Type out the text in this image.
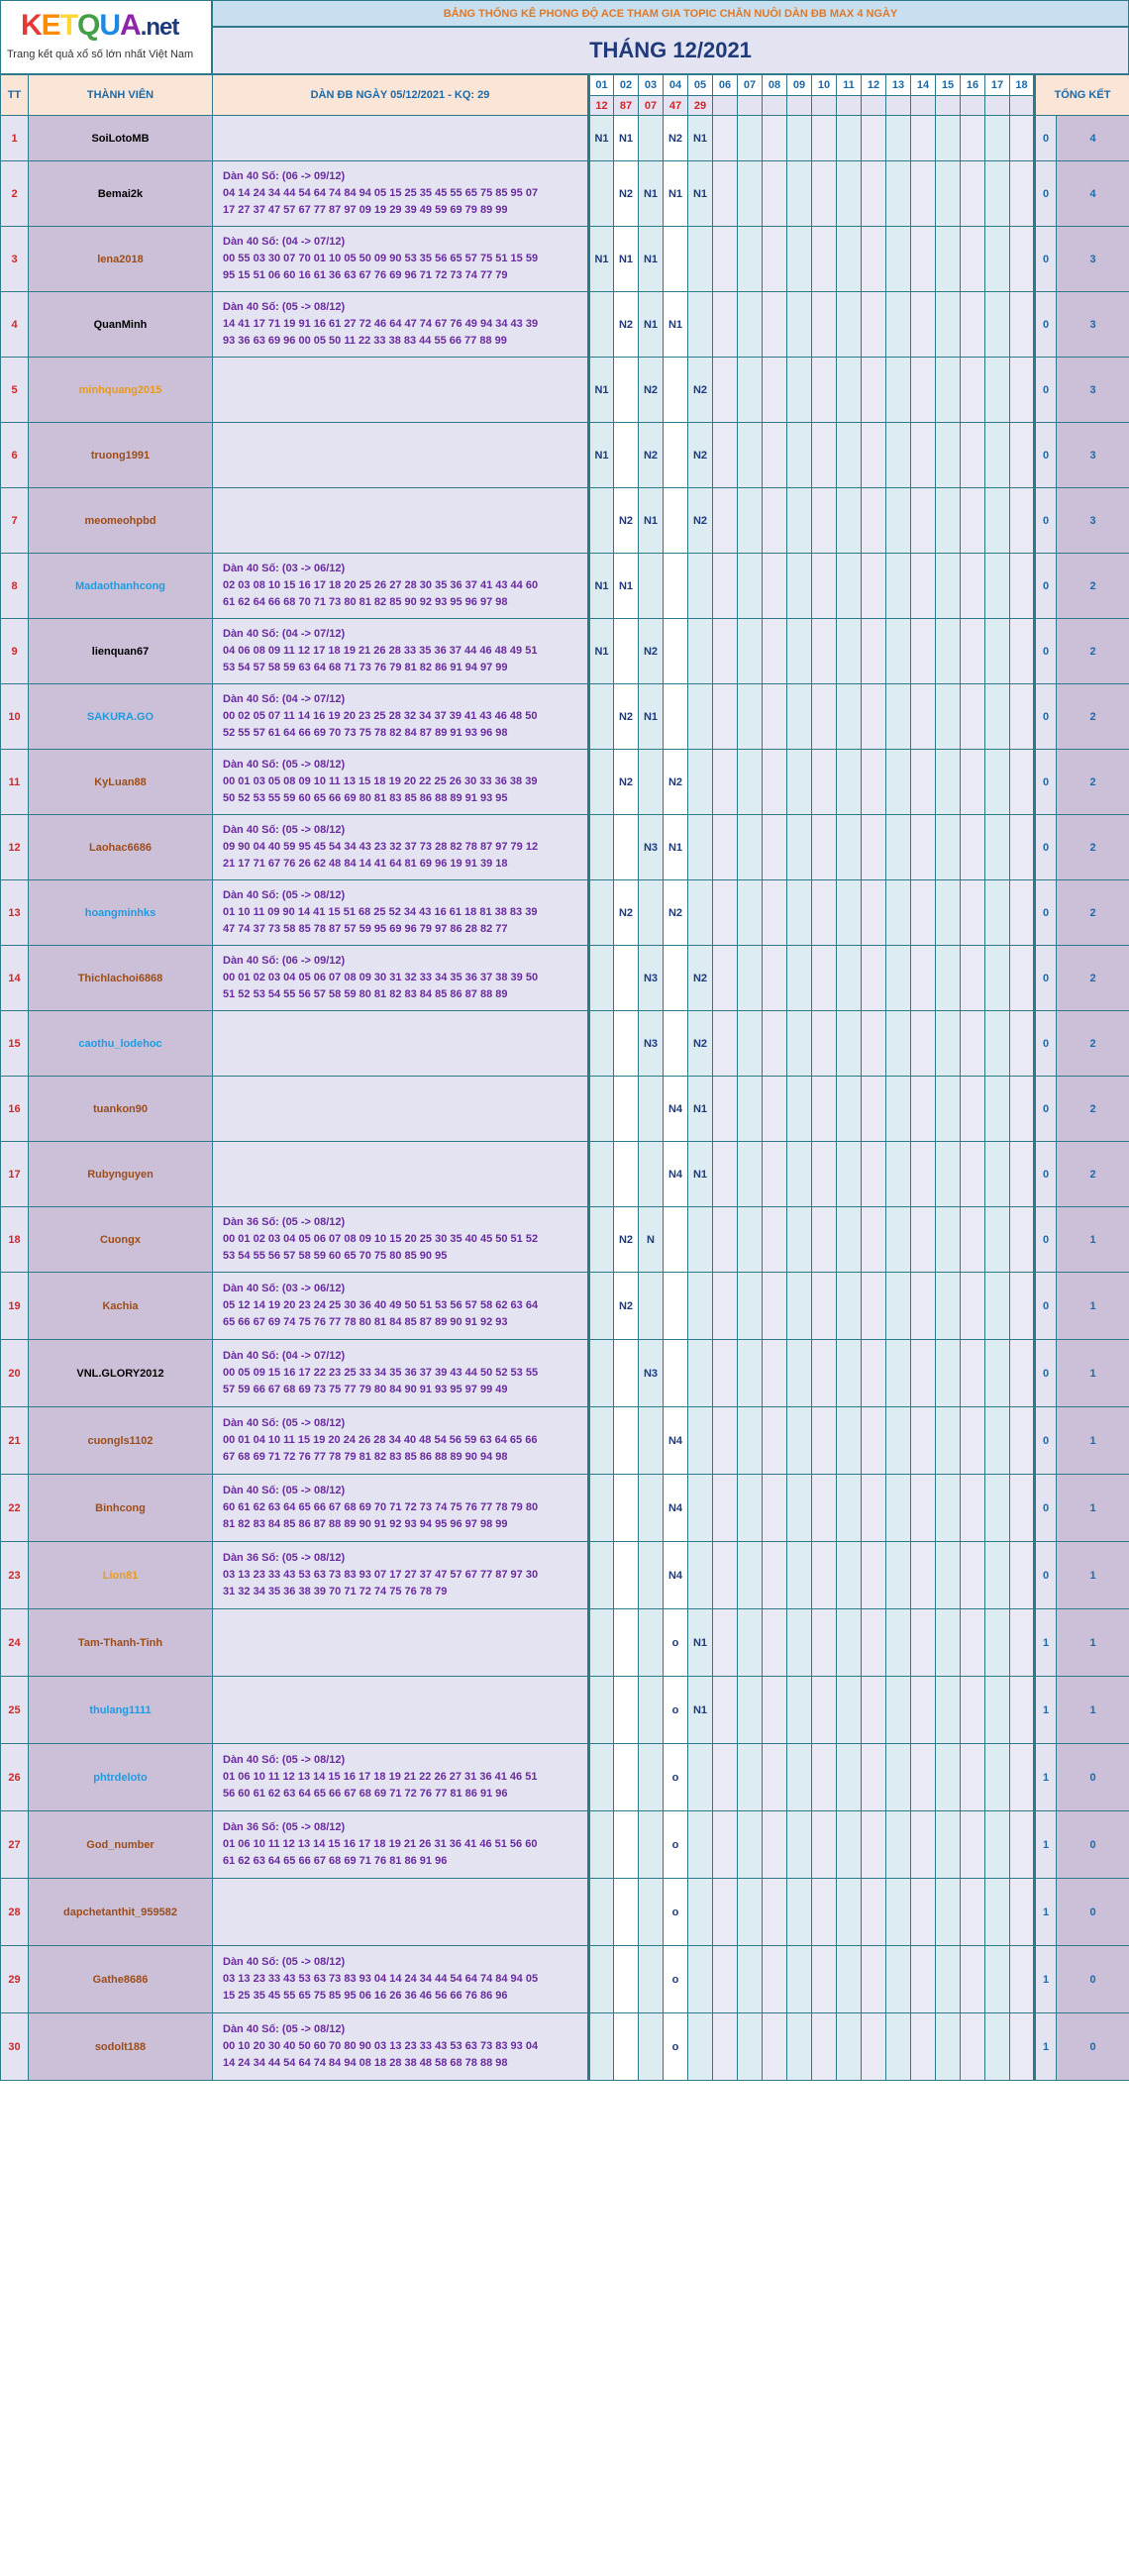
KETQUA.net
Trang kết quả xổ số lớn nhất Việt Nam
BẢNG THỐNG KÊ PHONG ĐỘ ACE THAM GIA TOPIC CHĂN NUÔI DÀN ĐB MAX 4 NGÀY
THÁNG 12/2021
TT	THÀNH VIÊN	DÀN ĐB NGÀY 05/12/2021 - KQ: 29	01	02	03	04	05	06	07	08	09	10	11	12	13	14	15	16	17	18	TỔNG KẾT	
			12	87	07	47	29															
1	SoiLotoMB		N1	N1		N2	N1														0	4
2	Bemai2k	Dàn 40 Số: (06 -> 09/12)
04 14 24 34 44 54 64 74 84 94 05 15 25 35 45 55 65 75 85 95 07
17 27 37 47 57 67 77 87 97 09 19 29 39 49 59 69 79 89 99		N2	N1	N1	N1														0	4
3	lena2018	Dàn 40 Số: (04 -> 07/12)
00 55 03 30 07 70 01 10 05 50 09 90 53 35 56 65 57 75 51 15 59
95 15 51 06 60 16 61 36 63 67 76 69 96 71 72 73 74 77 79	N1	N1	N1																0	3
4	QuanMinh	Dàn 40 Số: (05 -> 08/12)
14 41 17 71 19 91 16 61 27 72 46 64 47 74 67 76 49 94 34 43 39
93 36 63 69 96 00 05 50 11 22 33 38 83 44 55 66 77 88 99		N2	N1	N1															0	3
5	minhquang2015		N1		N2		N2														0	3
6	truong1991		N1		N2		N2														0	3
7	meomeohpbd			N2	N1		N2														0	3
8	Madaothanhcong	Dàn 40 Số: (03 -> 06/12)
02 03 08 10 15 16 17 18 20 25 26 27 28 30 35 36 37 41 43 44 60
61 62 64 66 68 70 71 73 80 81 82 85 90 92 93 95 96 97 98	N1	N1																	0	2
9	lienquan67	Dàn 40 Số: (04 -> 07/12)
04 06 08 09 11 12 17 18 19 21 26 28 33 35 36 37 44 46 48 49 51
53 54 57 58 59 63 64 68 71 73 76 79 81 82 86 91 94 97 99	N1		N2																0	2
10	SAKURA.GO	Dàn 40 Số: (04 -> 07/12)
00 02 05 07 11 14 16 19 20 23 25 28 32 34 37 39 41 43 46 48 50
52 55 57 61 64 66 69 70 73 75 78 82 84 87 89 91 93 96 98		N2	N1																0	2
11	KyLuan88	Dàn 40 Số: (05 -> 08/12)
00 01 03 05 08 09 10 11 13 15 18 19 20 22 25 26 30 33 36 38 39
50 52 53 55 59 60 65 66 69 80 81 83 85 86 88 89 91 93 95		N2		N2															0	2
12	Laohac6686	Dàn 40 Số: (05 -> 08/12)
09 90 04 40 59 95 45 54 34 43 23 32 37 73 28 82 78 87 97 79 12
21 17 71 67 76 26 62 48 84 14 41 64 81 69 96 19 91 39 18			N3	N1															0	2
13	hoangminhks	Dàn 40 Số: (05 -> 08/12)
01 10 11 09 90 14 41 15 51 68 25 52 34 43 16 61 18 81 38 83 39
47 74 37 73 58 85 78 87 57 59 95 69 96 79 97 86 28 82 77		N2		N2															0	2
14	Thichlachoi6868	Dàn 40 Số: (06 -> 09/12)
00 01 02 03 04 05 06 07 08 09 30 31 32 33 34 35 36 37 38 39 50
51 52 53 54 55 56 57 58 59 80 81 82 83 84 85 86 87 88 89			N3		N2														0	2
15	caothu_lodehoc				N3		N2														0	2
16	tuankon90					N4	N1														0	2
17	Rubynguyen					N4	N1														0	2
18	Cuongx	Dàn 36 Số: (05 -> 08/12)
00 01 02 03 04 05 06 07 08 09 10 15 20 25 30 35 40 45 50 51 52
53 54 55 56 57 58 59 60 65 70 75 80 85 90 95		N2	N																0	1
19	Kachia	Dàn 40 Số: (03 -> 06/12)
05 12 14 19 20 23 24 25 30 36 40 49 50 51 53 56 57 58 62 63 64
65 66 67 69 74 75 76 77 78 80 81 84 85 87 89 90 91 92 93		N2																	0	1
20	VNL.GLORY2012	Dàn 40 Số: (04 -> 07/12)
00 05 09 15 16 17 22 23 25 33 34 35 36 37 39 43 44 50 52 53 55
57 59 66 67 68 69 73 75 77 79 80 84 90 91 93 95 97 99 49			N3																0	1
21	cuongls1102	Dàn 40 Số: (05 -> 08/12)
00 01 04 10 11 15 19 20 24 26 28 34 40 48 54 56 59 63 64 65 66
67 68 69 71 72 76 77 78 79 81 82 83 85 86 88 89 90 94 98				N4															0	1
22	Binhcong	Dàn 40 Số: (05 -> 08/12)
60 61 62 63 64 65 66 67 68 69 70 71 72 73 74 75 76 77 78 79 80
81 82 83 84 85 86 87 88 89 90 91 92 93 94 95 96 97 98 99				N4															0	1
23	Lion81	Dàn 36 Số: (05 -> 08/12)
03 13 23 33 43 53 63 73 83 93 07 17 27 37 47 57 67 77 87 97 30
31 32 34 35 36 38 39 70 71 72 74 75 76 78 79				N4															0	1
24	Tam-Thanh-Tinh					o	N1														1	1
25	thulang1111					o	N1														1	1
26	phtrdeloto	Dàn 40 Số: (05 -> 08/12)
01 06 10 11 12 13 14 15 16 17 18 19 21 22 26 27 31 36 41 46 51
56 60 61 62 63 64 65 66 67 68 69 71 72 76 77 81 86 91 96				o															1	0
27	God_number	Dàn 36 Số: (05 -> 08/12)
01 06 10 11 12 13 14 15 16 17 18 19 21 26 31 36 41 46 51 56 60
61 62 63 64 65 66 67 68 69 71 76 81 86 91 96				o															1	0
28	dapchetanthit_959582					o															1	0
29	Gathe8686	Dàn 40 Số: (05 -> 08/12)
03 13 23 33 43 53 63 73 83 93 04 14 24 34 44 54 64 74 84 94 05
15 25 35 45 55 65 75 85 95 06 16 26 36 46 56 66 76 86 96				o															1	0
30	sodolt188	Dàn 40 Số: (05 -> 08/12)
00 10 20 30 40 50 60 70 80 90 03 13 23 33 43 53 63 73 83 93 04
14 24 34 44 54 64 74 84 94 08 18 28 38 48 58 68 78 88 98				o															1	0
